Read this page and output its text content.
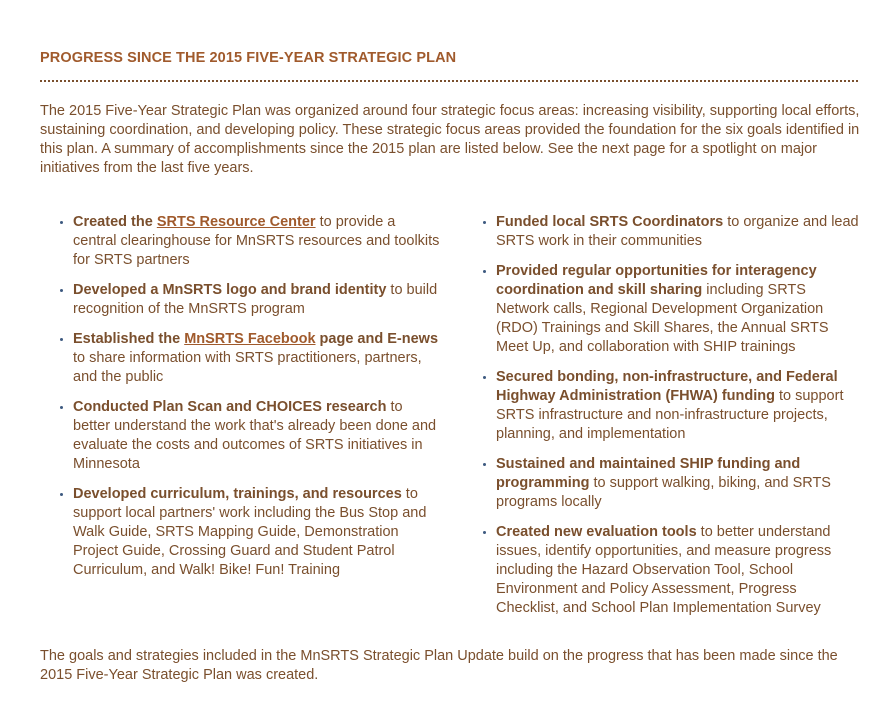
PROGRESS SINCE THE 2015 FIVE-YEAR STRATEGIC PLAN
The 2015 Five-Year Strategic Plan was organized around four strategic focus areas: increasing visibility, supporting local efforts, sustaining coordination, and developing policy. These strategic focus areas provided the foundation for the six goals identified in this plan. A summary of accomplishments since the 2015 plan are listed below. See the next page for a spotlight on major initiatives from the last five years.
Created the SRTS Resource Center to provide a central clearinghouse for MnSRTS resources and toolkits for SRTS partners
Developed a MnSRTS logo and brand identity to build recognition of the MnSRTS program
Established the MnSRTS Facebook page and E-news to share information with SRTS practitioners, partners, and the public
Conducted Plan Scan and CHOICES research to better understand the work that's already been done and evaluate the costs and outcomes of SRTS initiatives in Minnesota
Developed curriculum, trainings, and resources to support local partners' work including the Bus Stop and Walk Guide, SRTS Mapping Guide, Demonstration Project Guide, Crossing Guard and Student Patrol Curriculum, and Walk! Bike! Fun! Training
Funded local SRTS Coordinators to organize and lead SRTS work in their communities
Provided regular opportunities for interagency coordination and skill sharing including SRTS Network calls, Regional Development Organization (RDO) Trainings and Skill Shares, the Annual SRTS Meet Up, and collaboration with SHIP trainings
Secured bonding, non-infrastructure, and Federal Highway Administration (FHWA) funding to support SRTS infrastructure and non-infrastructure projects, planning, and implementation
Sustained and maintained SHIP funding and programming to support walking, biking, and SRTS programs locally
Created new evaluation tools to better understand issues, identify opportunities, and measure progress including the Hazard Observation Tool, School Environment and Policy Assessment, Progress Checklist, and School Plan Implementation Survey
The goals and strategies included in the MnSRTS Strategic Plan Update build on the progress that has been made since the 2015 Five-Year Strategic Plan was created.
